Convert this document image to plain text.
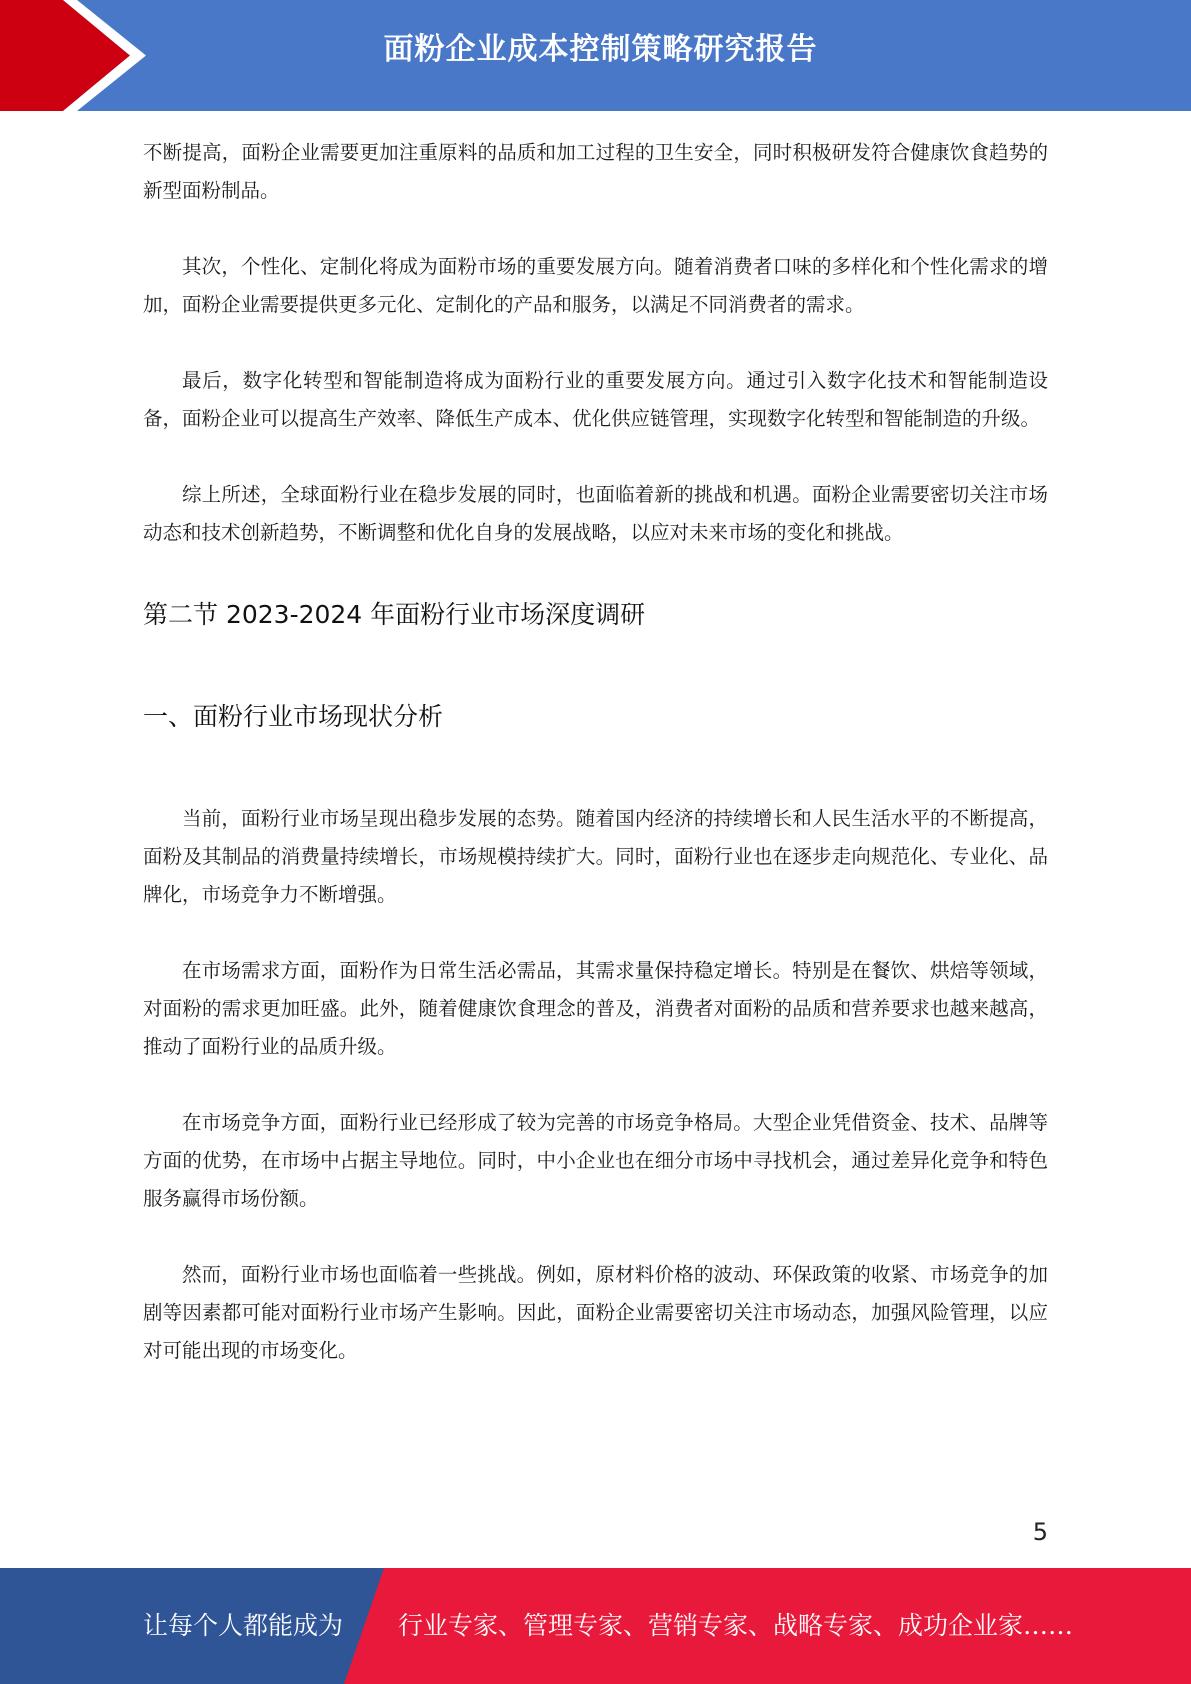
面粉企业成本控制策略研究报告

不断提高，面粉企业需要更加注重原料的品质和加工过程的卫生安全，同时积极研发符合健康饮食趋势的新型面粉制品。

其次，个性化、定制化将成为面粉市场的重要发展方向。随着消费者口味的多样化和个性化需求的增加，面粉企业需要提供更多元化、定制化的产品和服务，以满足不同消费者的需求。

最后，数字化转型和智能制造将成为面粉行业的重要发展方向。通过引入数字化技术和智能制造设备，面粉企业可以提高生产效率、降低生产成本、优化供应链管理，实现数字化转型和智能制造的升级。

综上所述，全球面粉行业在稳步发展的同时，也面临着新的挑战和机遇。面粉企业需要密切关注市场动态和技术创新趋势，不断调整和优化自身的发展战略，以应对未来市场的变化和挑战。

第二节 2023-2024 年面粉行业市场深度调研
一、面粉行业市场现状分析

当前，面粉行业市场呈现出稳步发展的态势。随着国内经济的持续增长和人民生活水平的不断提高，面粉及其制品的消费量持续增长，市场规模持续扩大。同时，面粉行业也在逐步走向规范化、专业化、品牌化，市场竞争力不断增强。

在市场需求方面，面粉作为日常生活必需品，其需求量保持稳定增长。特别是在餐饮、烘焙等领域，对面粉的需求更加旺盛。此外，随着健康饮食理念的普及，消费者对面粉的品质和营养要求也越来越高，推动了面粉行业的品质升级。

在市场竞争方面，面粉行业已经形成了较为完善的市场竞争格局。大型企业凭借资金、技术、品牌等方面的优势，在市场中占据主导地位。同时，中小企业也在细分市场中寻找机会，通过差异化竞争和特色服务赢得市场份额。

然而，面粉行业市场也面临着一些挑战。例如，原材料价格的波动、环保政策的收紧、市场竞争的加剧等因素都可能对面粉行业市场产生影响。因此，面粉企业需要密切关注市场动态，加强风险管理，以应对可能出现的市场变化。

5
让每个人都能成为 行业专家、管理专家、营销专家、战略专家、成功企业家……
